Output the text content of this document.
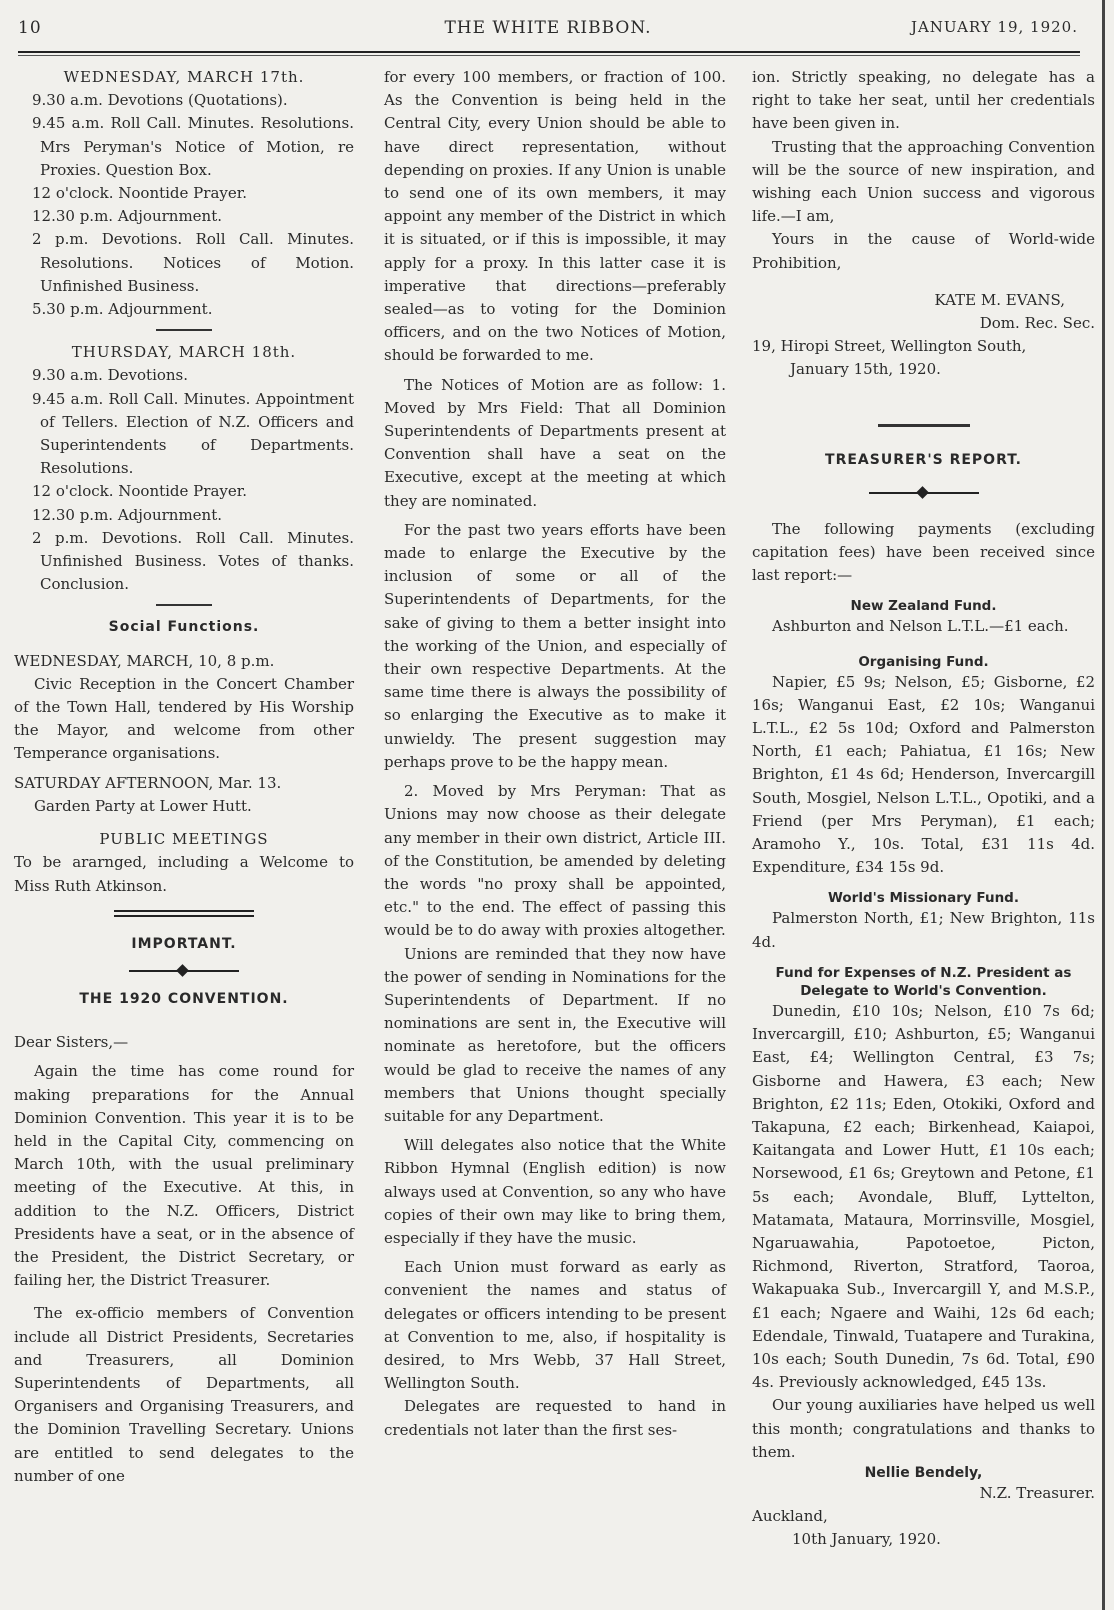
10	THE WHITE RIBBON.	JANUARY 19, 1920.

WEDNESDAY, MARCH 17th.

9.30 a.m. Devotions (Quotations).

9.45 a.m. Roll Call. Minutes. Resolutions. Mrs Peryman's Notice of Motion, re Proxies. Question Box.

12 o'clock. Noontide Prayer.

12.30 p.m. Adjournment.

2 p.m. Devotions. Roll Call. Minutes. Resolutions. Notices of Motion. Unfinished Business.

5.30 p.m. Adjournment.

THURSDAY, MARCH 18th.

9.30 a.m. Devotions.

9.45 a.m. Roll Call. Minutes. Appointment of Tellers. Election of N.Z. Officers and Superintendents of Departments. Resolutions.

12 o'clock. Noontide Prayer.

12.30 p.m. Adjournment.

2 p.m. Devotions. Roll Call. Minutes. Unfinished Business. Votes of thanks. Conclusion.

Social Functions.

WEDNESDAY, MARCH, 10, 8 p.m.

Civic Reception in the Concert Chamber of the Town Hall, tendered by His Worship the Mayor, and welcome from other Temperance organisations.

SATURDAY AFTERNOON, Mar. 13.

Garden Party at Lower Hutt.

PUBLIC MEETINGS

To be ararnged, including a Welcome to Miss Ruth Atkinson.

IMPORTANT.

THE 1920 CONVENTION.

Dear Sisters,—

Again the time has come round for making preparations for the Annual Dominion Convention. This year it is to be held in the Capital City, commencing on March 10th, with the usual preliminary meeting of the Executive. At this, in addition to the N.Z. Officers, District Presidents have a seat, or in the absence of the President, the District Secretary, or failing her, the District Treasurer.

The ex-officio members of Convention include all District Presidents, Secretaries and Treasurers, all Dominion Superintendents of Departments, all Organisers and Organising Treasurers, and the Dominion Travelling Secretary. Unions are entitled to send delegates to the number of one

for every 100 members, or fraction of 100. As the Convention is being held in the Central City, every Union should be able to have direct representation, without depending on proxies. If any Union is unable to send one of its own members, it may appoint any member of the District in which it is situated, or if this is impossible, it may apply for a proxy. In this latter case it is imperative that directions—preferably sealed—as to voting for the Dominion officers, and on the two Notices of Motion, should be forwarded to me.

The Notices of Motion are as follow: 1. Moved by Mrs Field: That all Dominion Superintendents of Departments present at Convention shall have a seat on the Executive, except at the meeting at which they are nominated.

For the past two years efforts have been made to enlarge the Executive by the inclusion of some or all of the Superintendents of Departments, for the sake of giving to them a better insight into the working of the Union, and especially of their own respective Departments. At the same time there is always the possibility of so enlarging the Executive as to make it unwieldy. The present suggestion may perhaps prove to be the happy mean.

2. Moved by Mrs Peryman: That as Unions may now choose as their delegate any member in their own district, Article III. of the Constitution, be amended by deleting the words "no proxy shall be appointed, etc." to the end. The effect of passing this would be to do away with proxies altogether.

Unions are reminded that they now have the power of sending in Nominations for the Superintendents of Department. If no nominations are sent in, the Executive will nominate as heretofore, but the officers would be glad to receive the names of any members that Unions thought specially suitable for any Department.

Will delegates also notice that the White Ribbon Hymnal (English edition) is now always used at Convention, so any who have copies of their own may like to bring them, especially if they have the music.

Each Union must forward as early as convenient the names and status of delegates or officers intending to be present at Convention to me, also, if hospitality is desired, to Mrs Webb, 37 Hall Street, Wellington South.

Delegates are requested to hand in credentials not later than the first ses-

ion. Strictly speaking, no delegate has a right to take her seat, until her credentials have been given in.

Trusting that the approaching Convention will be the source of new inspiration, and wishing each Union success and vigorous life.—I am,

Yours in the cause of World-wide Prohibition,

KATE M. EVANS,

Dom. Rec. Sec.

19, Hiropi Street, Wellington South,

January 15th, 1920.

TREASURER'S REPORT.

The following payments (excluding capitation fees) have been received since last report:—

New Zealand Fund.

Ashburton and Nelson L.T.L.—£1 each.

Organising Fund.

Napier, £5 9s; Nelson, £5; Gisborne, £2 16s; Wanganui East, £2 10s; Wanganui L.T.L., £2 5s 10d; Oxford and Palmerston North, £1 each; Pahiatua, £1 16s; New Brighton, £1 4s 6d; Henderson, Invercargill South, Mosgiel, Nelson L.T.L., Opotiki, and a Friend (per Mrs Peryman), £1 each; Aramoho Y., 10s. Total, £31 11s 4d. Expenditure, £34 15s 9d.

World's Missionary Fund.

Palmerston North, £1; New Brighton, 11s 4d.

Fund for Expenses of N.Z. President as Delegate to World's Convention.

Dunedin, £10 10s; Nelson, £10 7s 6d; Invercargill, £10; Ashburton, £5; Wanganui East, £4; Wellington Central, £3 7s; Gisborne and Hawera, £3 each; New Brighton, £2 11s; Eden, Otokiki, Oxford and Takapuna, £2 each; Birkenhead, Kaiapoi, Kaitangata and Lower Hutt, £1 10s each; Norsewood, £1 6s; Greytown and Petone, £1 5s each; Avondale, Bluff, Lyttelton, Matamata, Mataura, Morrinsville, Mosgiel, Ngaruawahia, Papotoetoe, Picton, Richmond, Riverton, Stratford, Taoroa, Wakapuaka Sub., Invercargill Y, and M.S.P., £1 each; Ngaere and Waihi, 12s 6d each; Edendale, Tinwald, Tuatapere and Turakina, 10s each; South Dunedin, 7s 6d. Total, £90 4s. Previously acknowledged, £45 13s.

Our young auxiliaries have helped us well this month; congratulations and thanks to them.

Nellie Bendely,

N.Z. Treasurer.

Auckland,

10th January, 1920.
